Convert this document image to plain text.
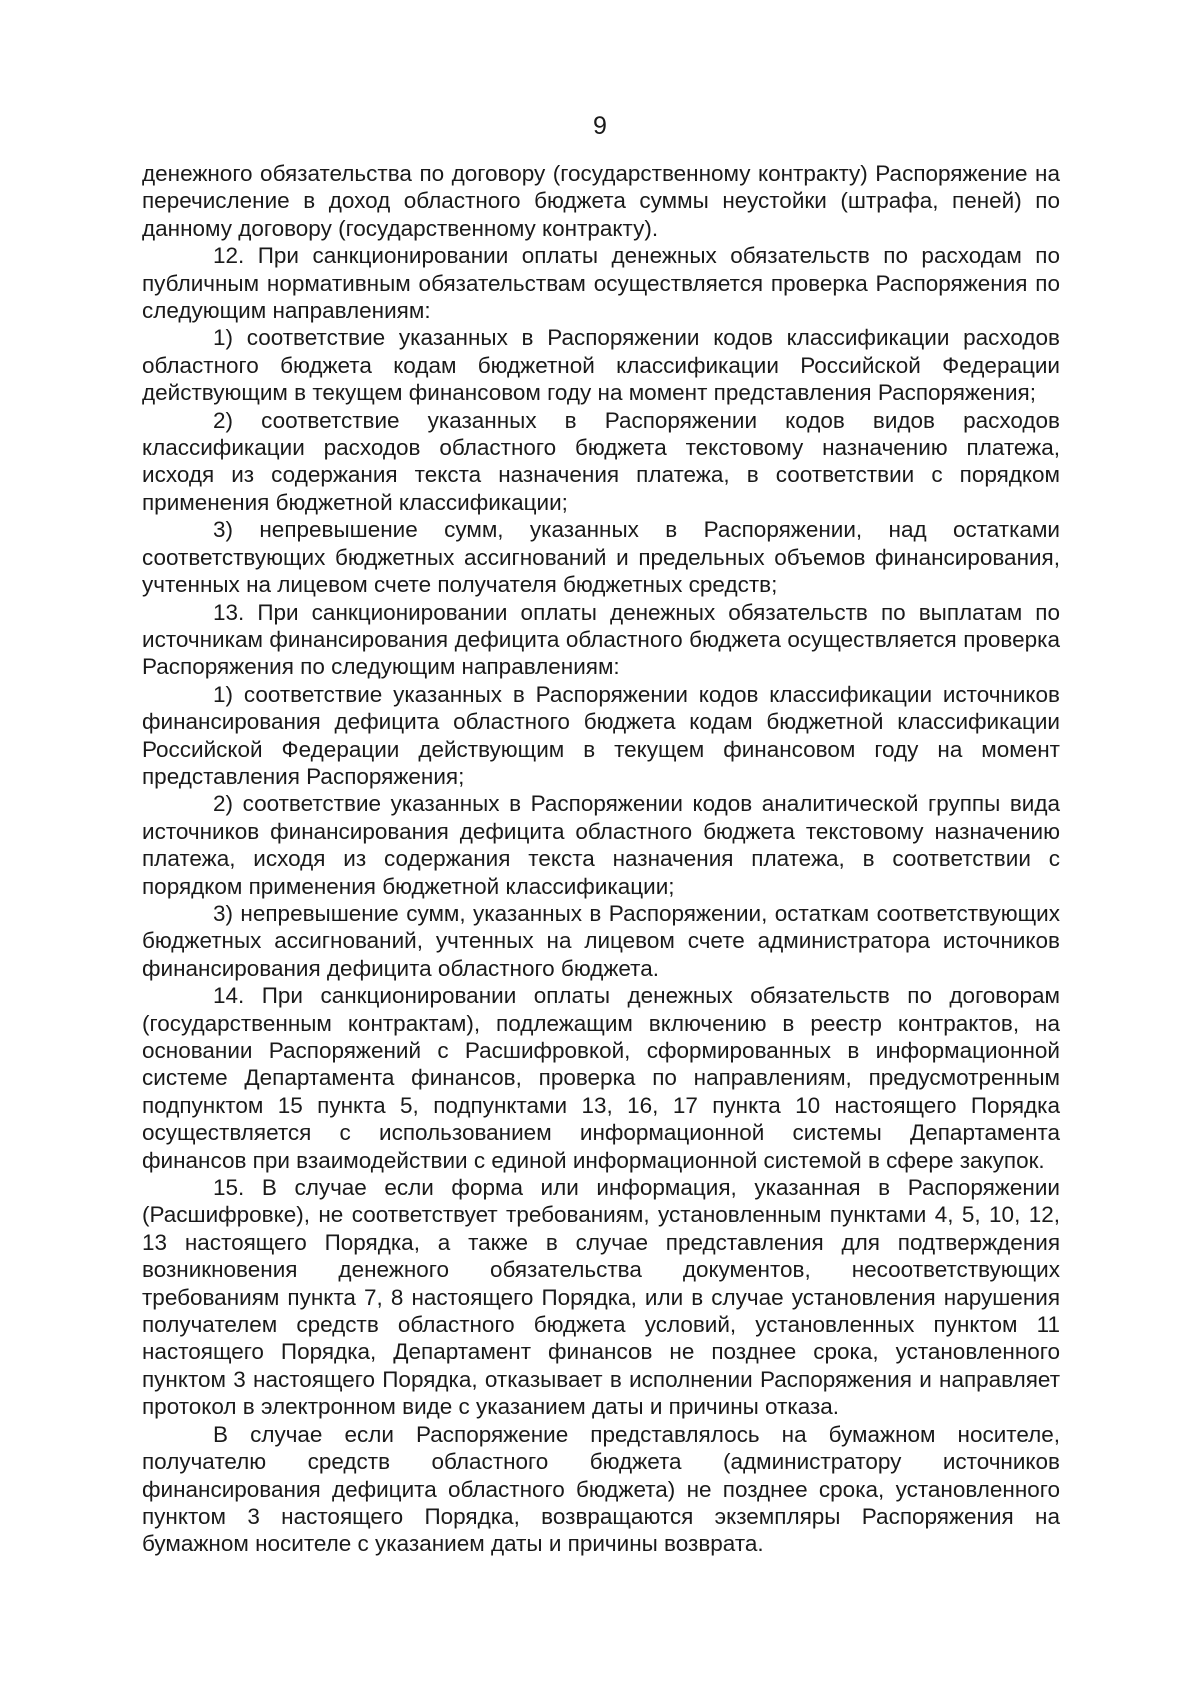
9

денежного обязательства по договору (государственному контракту) Распоряжение на перечисление в доход областного бюджета суммы неустойки (штрафа, пеней) по данному договору (государственному контракту).

12. При санкционировании оплаты денежных обязательств по расходам по публичным нормативным обязательствам осуществляется проверка Распоряжения по следующим направлениям:

1) соответствие указанных в Распоряжении кодов классификации расходов областного бюджета кодам бюджетной классификации Российской Федерации действующим в текущем финансовом году на момент представления Распоряжения;

2) соответствие указанных в Распоряжении кодов видов расходов классификации расходов областного бюджета текстовому назначению платежа, исходя из содержания текста назначения платежа, в соответствии с порядком применения бюджетной классификации;

3) непревышение сумм, указанных в Распоряжении, над остатками соответствующих бюджетных ассигнований и предельных объемов финансирования, учтенных на лицевом счете получателя бюджетных средств;

13. При санкционировании оплаты денежных обязательств по выплатам по источникам финансирования дефицита областного бюджета осуществляется проверка Распоряжения по следующим направлениям:

1) соответствие указанных в Распоряжении кодов классификации источников финансирования дефицита областного бюджета кодам бюджетной классификации Российской Федерации действующим в текущем финансовом году на момент представления Распоряжения;

2) соответствие указанных в Распоряжении кодов аналитической группы вида источников финансирования дефицита областного бюджета текстовому назначению платежа, исходя из содержания текста назначения платежа, в соответствии с порядком применения бюджетной классификации;

3) непревышение сумм, указанных в Распоряжении, остаткам соответствующих бюджетных ассигнований, учтенных на лицевом счете администратора источников финансирования дефицита областного бюджета.

14. При санкционировании оплаты денежных обязательств по договорам (государственным контрактам), подлежащим включению в реестр контрактов, на основании Распоряжений с Расшифровкой, сформированных в информационной системе Департамента финансов, проверка по направлениям, предусмотренным подпунктом 15 пункта 5, подпунктами 13, 16, 17 пункта 10 настоящего Порядка осуществляется с использованием информационной системы Департамента финансов при взаимодействии с единой информационной системой в сфере закупок.

15. В случае если форма или информация, указанная в Распоряжении (Расшифровке), не соответствует требованиям, установленным пунктами 4, 5, 10, 12, 13 настоящего Порядка, а также в случае представления для подтверждения возникновения денежного обязательства документов, несоответствующих требованиям пункта 7, 8 настоящего Порядка, или в случае установления нарушения получателем средств областного бюджета условий, установленных пунктом 11 настоящего Порядка, Департамент финансов не позднее срока, установленного пунктом 3 настоящего Порядка, отказывает в исполнении Распоряжения и направляет протокол в электронном виде с указанием даты и причины отказа.

В случае если Распоряжение представлялось на бумажном носителе, получателю средств областного бюджета (администратору источников финансирования дефицита областного бюджета) не позднее срока, установленного пунктом 3 настоящего Порядка, возвращаются экземпляры Распоряжения на бумажном носителе с указанием даты и причины возврата.
